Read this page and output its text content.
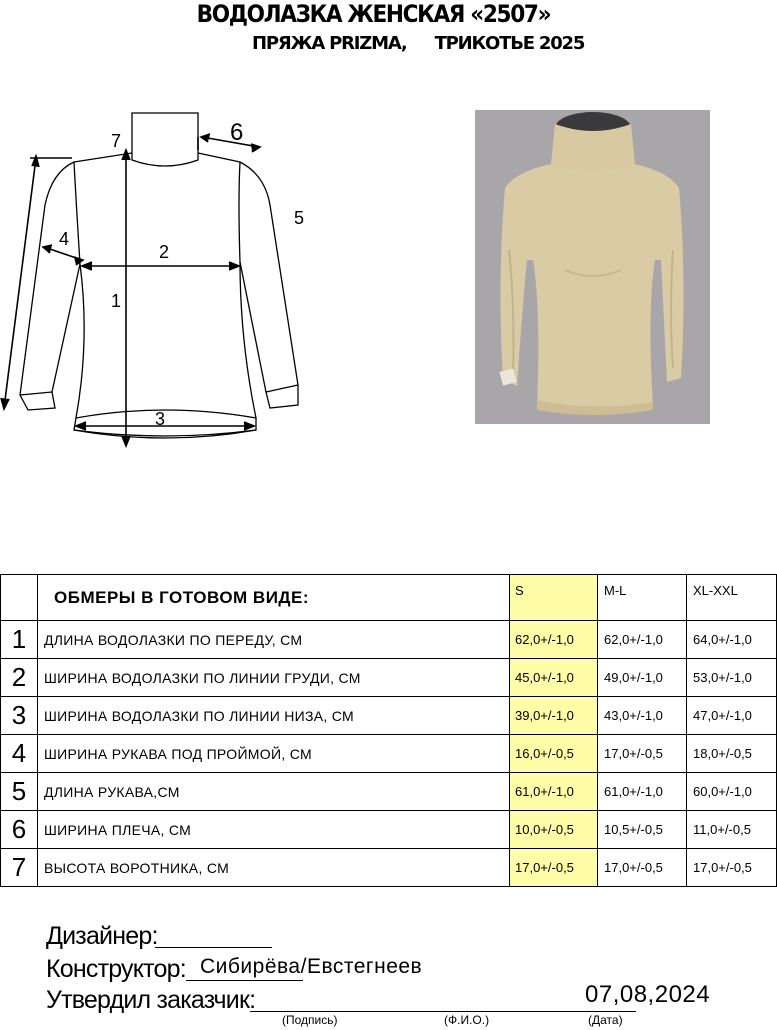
ВОДОЛАЗКА ЖЕНСКАЯ «2507»
ПРЯЖА PRIZMA, ТРИКОТЬЕ 2025
1
2
3
4
5
6
7
	ОБМЕРЫ В ГОТОВОМ ВИДЕ:	S	M-L	XL-XXL
1	ДЛИНА ВОДОЛАЗКИ ПО ПЕРЕДУ, СМ	62,0+/-1,0	62,0+/-1,0	64,0+/-1,0
2	ШИРИНА ВОДОЛАЗКИ ПО ЛИНИИ ГРУДИ, СМ	45,0+/-1,0	49,0+/-1,0	53,0+/-1,0
3	ШИРИНА ВОДОЛАЗКИ ПО ЛИНИИ НИЗА, СМ	39,0+/-1,0	43,0+/-1,0	47,0+/-1,0
4	ШИРИНА РУКАВА ПОД ПРОЙМОЙ, СМ	16,0+/-0,5	17,0+/-0,5	18,0+/-0,5
5	ДЛИНА РУКАВА,СМ	61,0+/-1,0	61,0+/-1,0	60,0+/-1,0
6	ШИРИНА ПЛЕЧА, СМ	10,0+/-0,5	10,5+/-0,5	11,0+/-0,5
7	ВЫСОТА ВОРОТНИКА, СМ	17,0+/-0,5	17,0+/-0,5	17,0+/-0,5
Дизайнер:
Конструктор: Сибирёва/Евстегнеев
Утвердил заказчик:	07,08,2024
(Подпись)	(Ф.И.О.)	(Дата)
